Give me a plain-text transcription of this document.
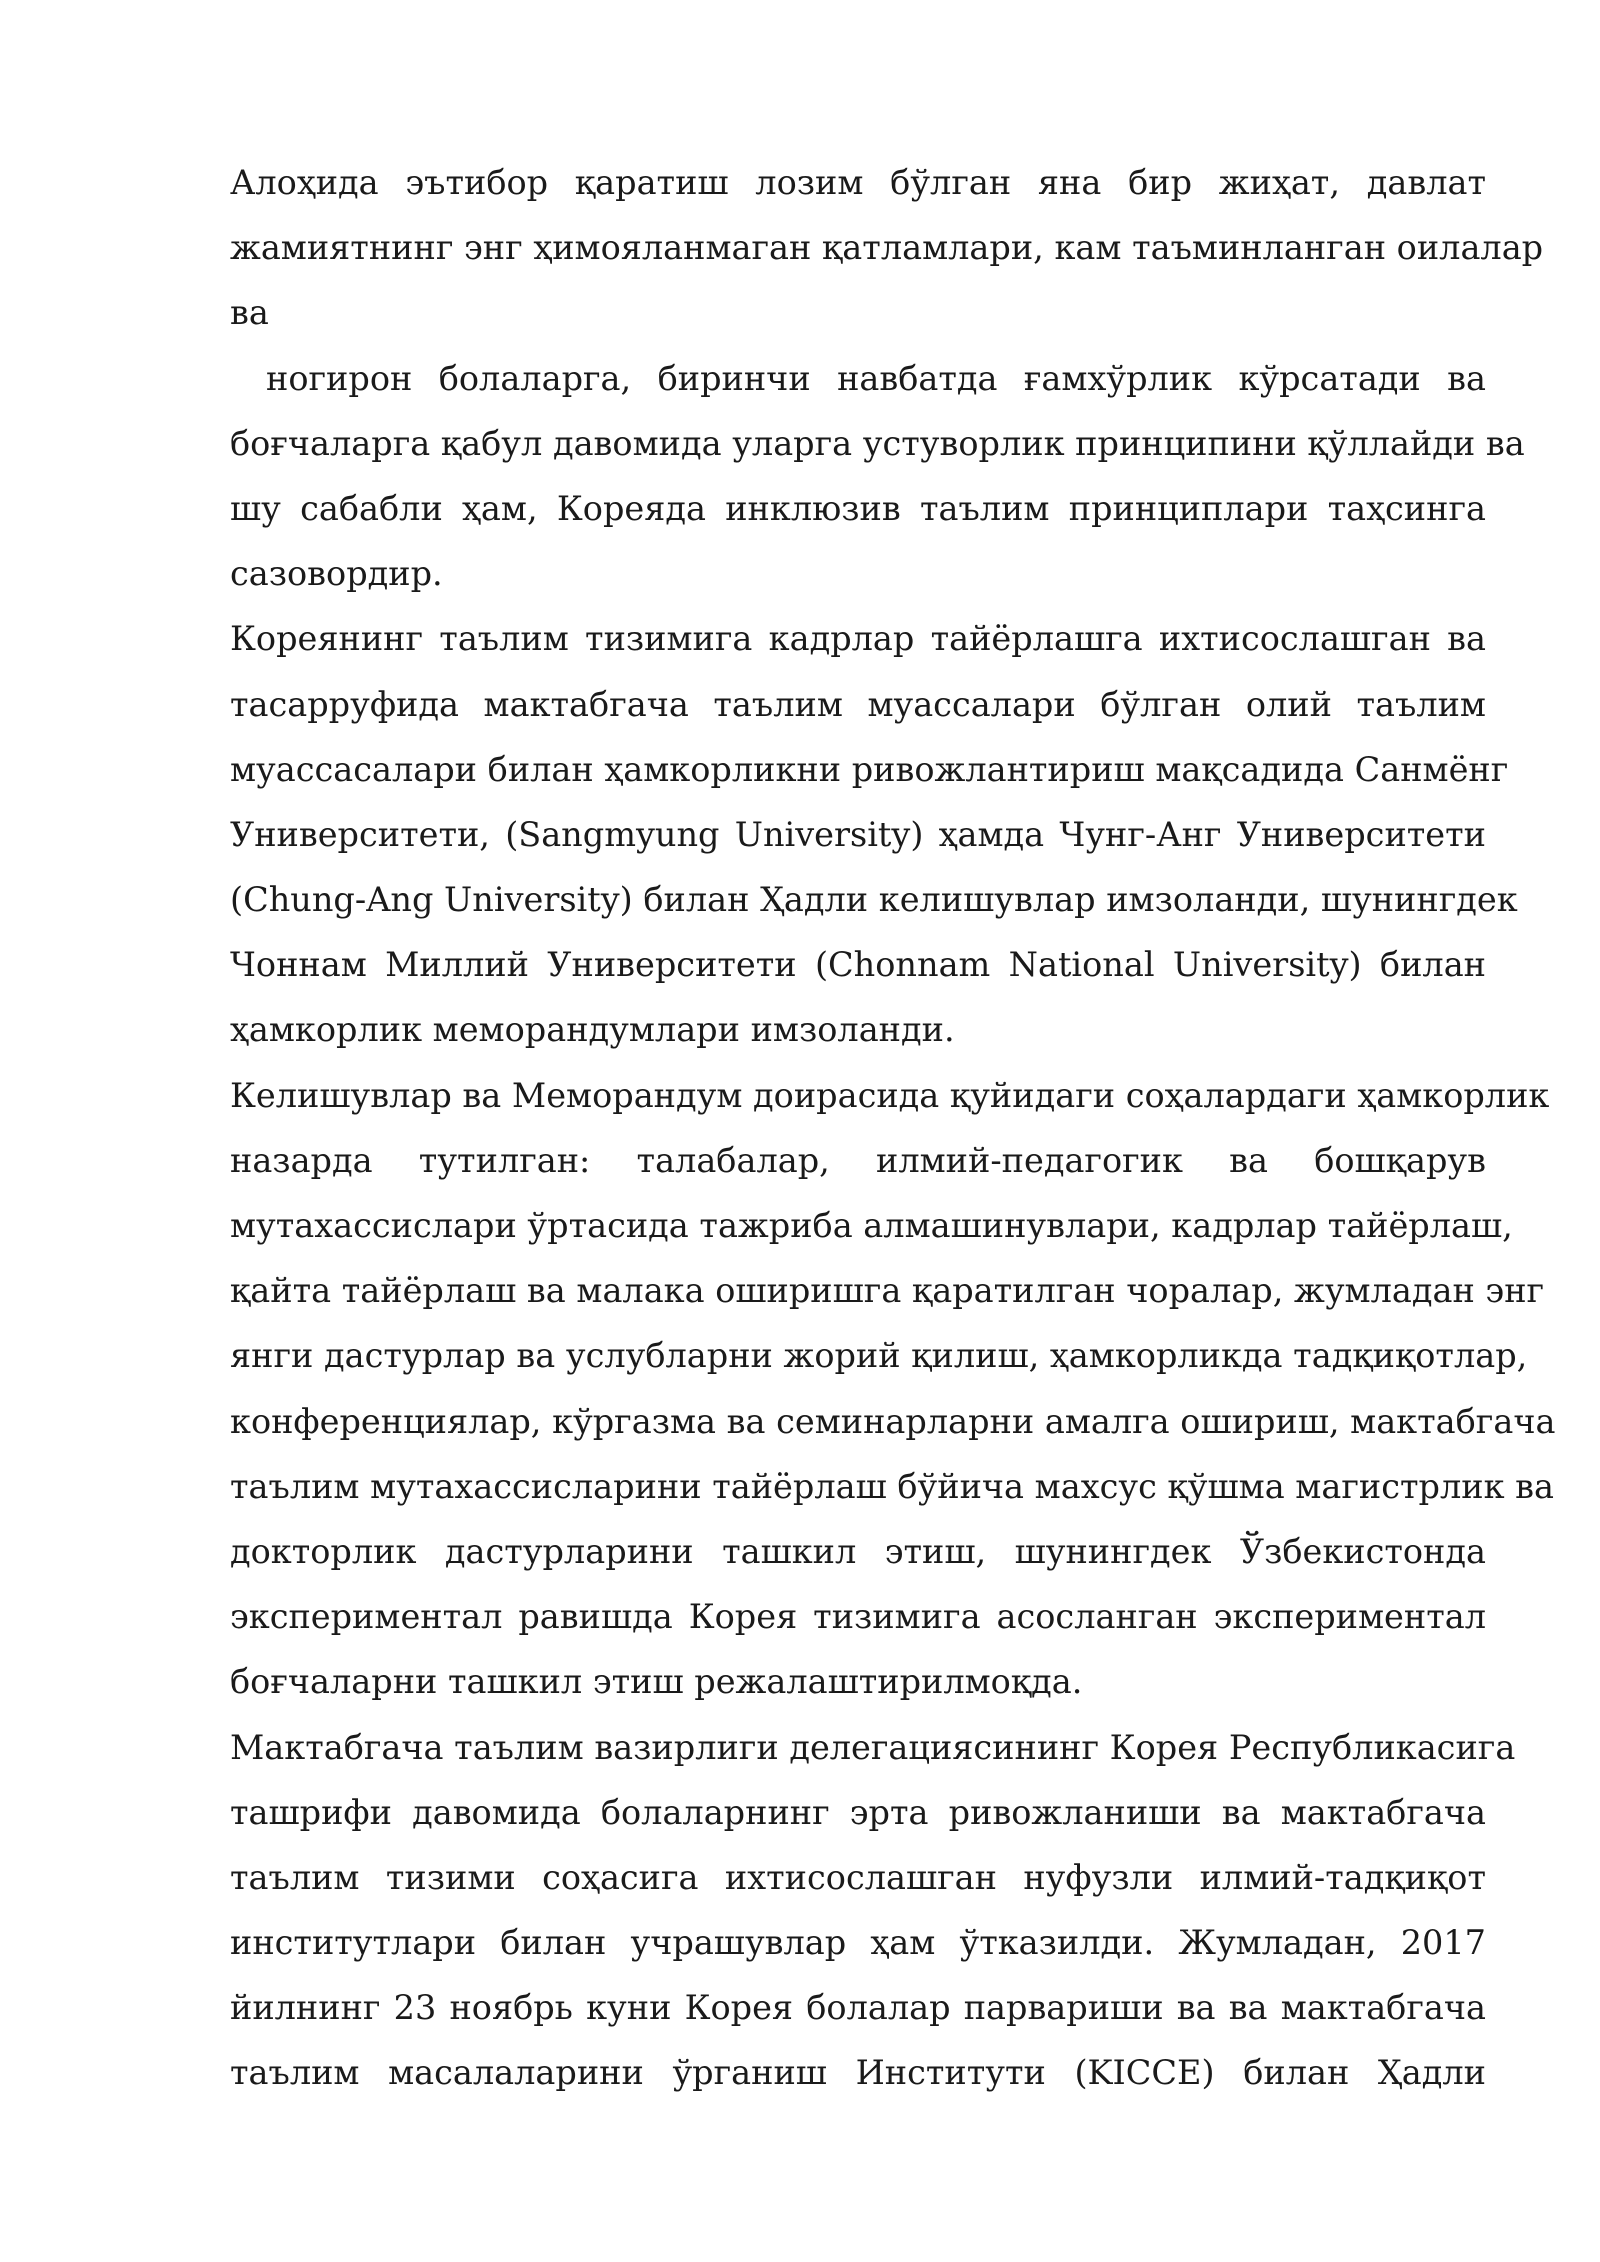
Алоҳида эътибор қаратиш лозим бўлган яна бир жиҳат, давлат
жамиятнинг энг ҳимояланмаган қатламлари, кам таъминланган оилалар
ва
ногирон болаларга, биринчи навбатда ғамхўрлик кўрсатади ва
боғчаларга қабул давомида уларга устуворлик принципини қўллайди ва
шу сабабли ҳам, Кореяда инклюзив таълим принциплари таҳсинга
сазовордир.
Кореянинг таълим тизимига кадрлар тайёрлашга ихтисослашган ва
тасарруфида мактабгача таълим муассалари бўлган олий таълим
муассасалари билан ҳамкорликни ривожлантириш мақсадида Санмёнг
Университети, (Sangmyung University) ҳамда Чунг-Анг Университети
(Chung-Ang University) билан Ҳадли келишувлар имзоланди, шунингдек
Чоннам Миллий Университети (Chonnam National University) билан
ҳамкорлик меморандумлари имзоланди.
Келишувлар ва Меморандум доирасида қуйидаги соҳалардаги ҳамкорлик
назарда тутилган: талабалар, илмий-педагогик ва бошқарув
мутахассислари ўртасида тажриба алмашинувлари, кадрлар тайёрлаш,
қайта тайёрлаш ва малака оширишга қаратилган чоралар, жумладан энг
янги дастурлар ва услубларни жорий қилиш, ҳамкорликда тадқиқотлар,
конференциялар, кўргазма ва семинарларни амалга ошириш, мактабгача
таълим мутахассисларини тайёрлаш бўйича махсус қўшма магистрлик ва
докторлик дастурларини ташкил этиш, шунингдек Ўзбекистонда
экспериментал равишда Корея тизимига асосланган экспериментал
боғчаларни ташкил этиш режалаштирилмоқда.
Мактабгача таълим вазирлиги делегациясининг Корея Республикасига
ташрифи давомида болаларнинг эрта ривожланиши ва мактабгача
таълим тизими соҳасига ихтисослашган нуфузли илмий-тадқиқот
институтлари билан учрашувлар ҳам ўтказилди. Жумладан, 2017
йилнинг 23 ноябрь куни Корея болалар парвариши ва ва мактабгача
таълим масалаларини ўрганиш Институти (KICCE) билан Ҳадли
